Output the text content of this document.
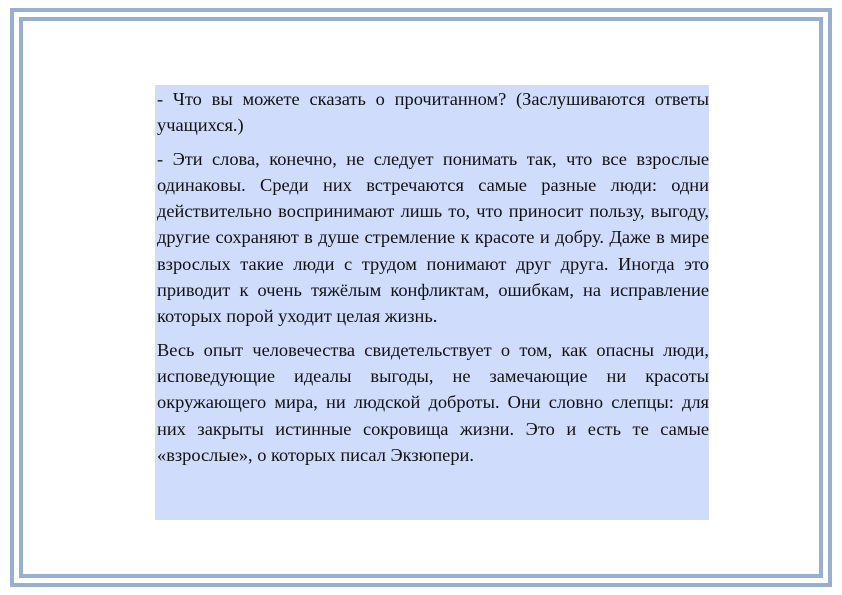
- Что вы можете сказать о прочитанном? (Заслушиваются ответы учащихся.)

- Эти слова, конечно, не следует понимать так, что все взрослые одинаковы. Среди них встречаются самые разные люди: одни действительно воспринимают лишь то, что приносит пользу, выгоду, другие сохраняют в душе стремление к красоте и добру. Даже в мире взрослых такие люди с трудом понимают друг друга. Иногда это приводит к очень тяжёлым конфликтам, ошибкам, на исправление которых порой уходит целая жизнь.

Весь опыт человечества свидетельствует о том, как опасны люди, исповедующие идеалы выгоды, не замечающие ни красоты окружающего мира, ни людской доброты. Они словно слепцы: для них закрыты истинные сокровища жизни. Это и есть те самые «взрослые», о которых писал Экзюпери.
